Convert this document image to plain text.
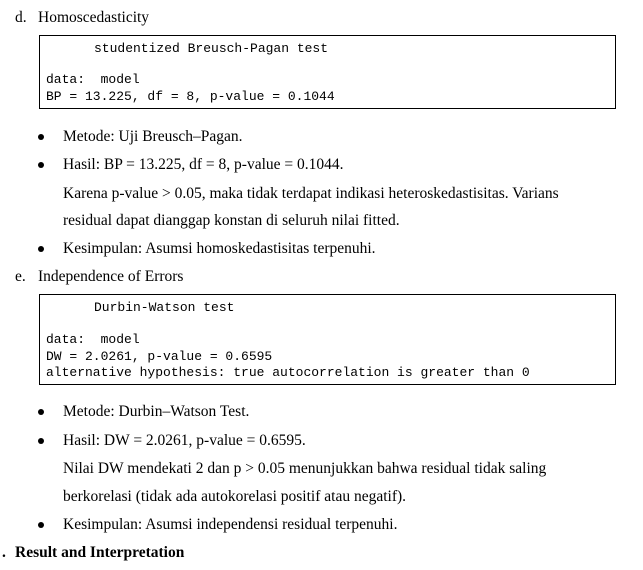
d. Homoscedasticity
studentized Breusch-Pagan test
data:  model
BP = 13.225, df = 8, p-value = 0.1044
Metode: Uji Breusch–Pagan.
Hasil: BP = 13.225, df = 8, p-value = 0.1044.
Karena p-value > 0.05, maka tidak terdapat indikasi heteroskedastisitas. Varians
residual dapat dianggap konstan di seluruh nilai fitted.
Kesimpulan: Asumsi homoskedastisitas terpenuhi.
e. Independence of Errors
Durbin-Watson test
data:  model
DW = 2.0261, p-value = 0.6595
alternative hypothesis: true autocorrelation is greater than 0
Metode: Durbin–Watson Test.
Hasil: DW = 2.0261, p-value = 0.6595.
Nilai DW mendekati 2 dan p > 0.05 menunjukkan bahwa residual tidak saling
berkorelasi (tidak ada autokorelasi positif atau negatif).
Kesimpulan: Asumsi independensi residual terpenuhi.
. Result and Interpretation
